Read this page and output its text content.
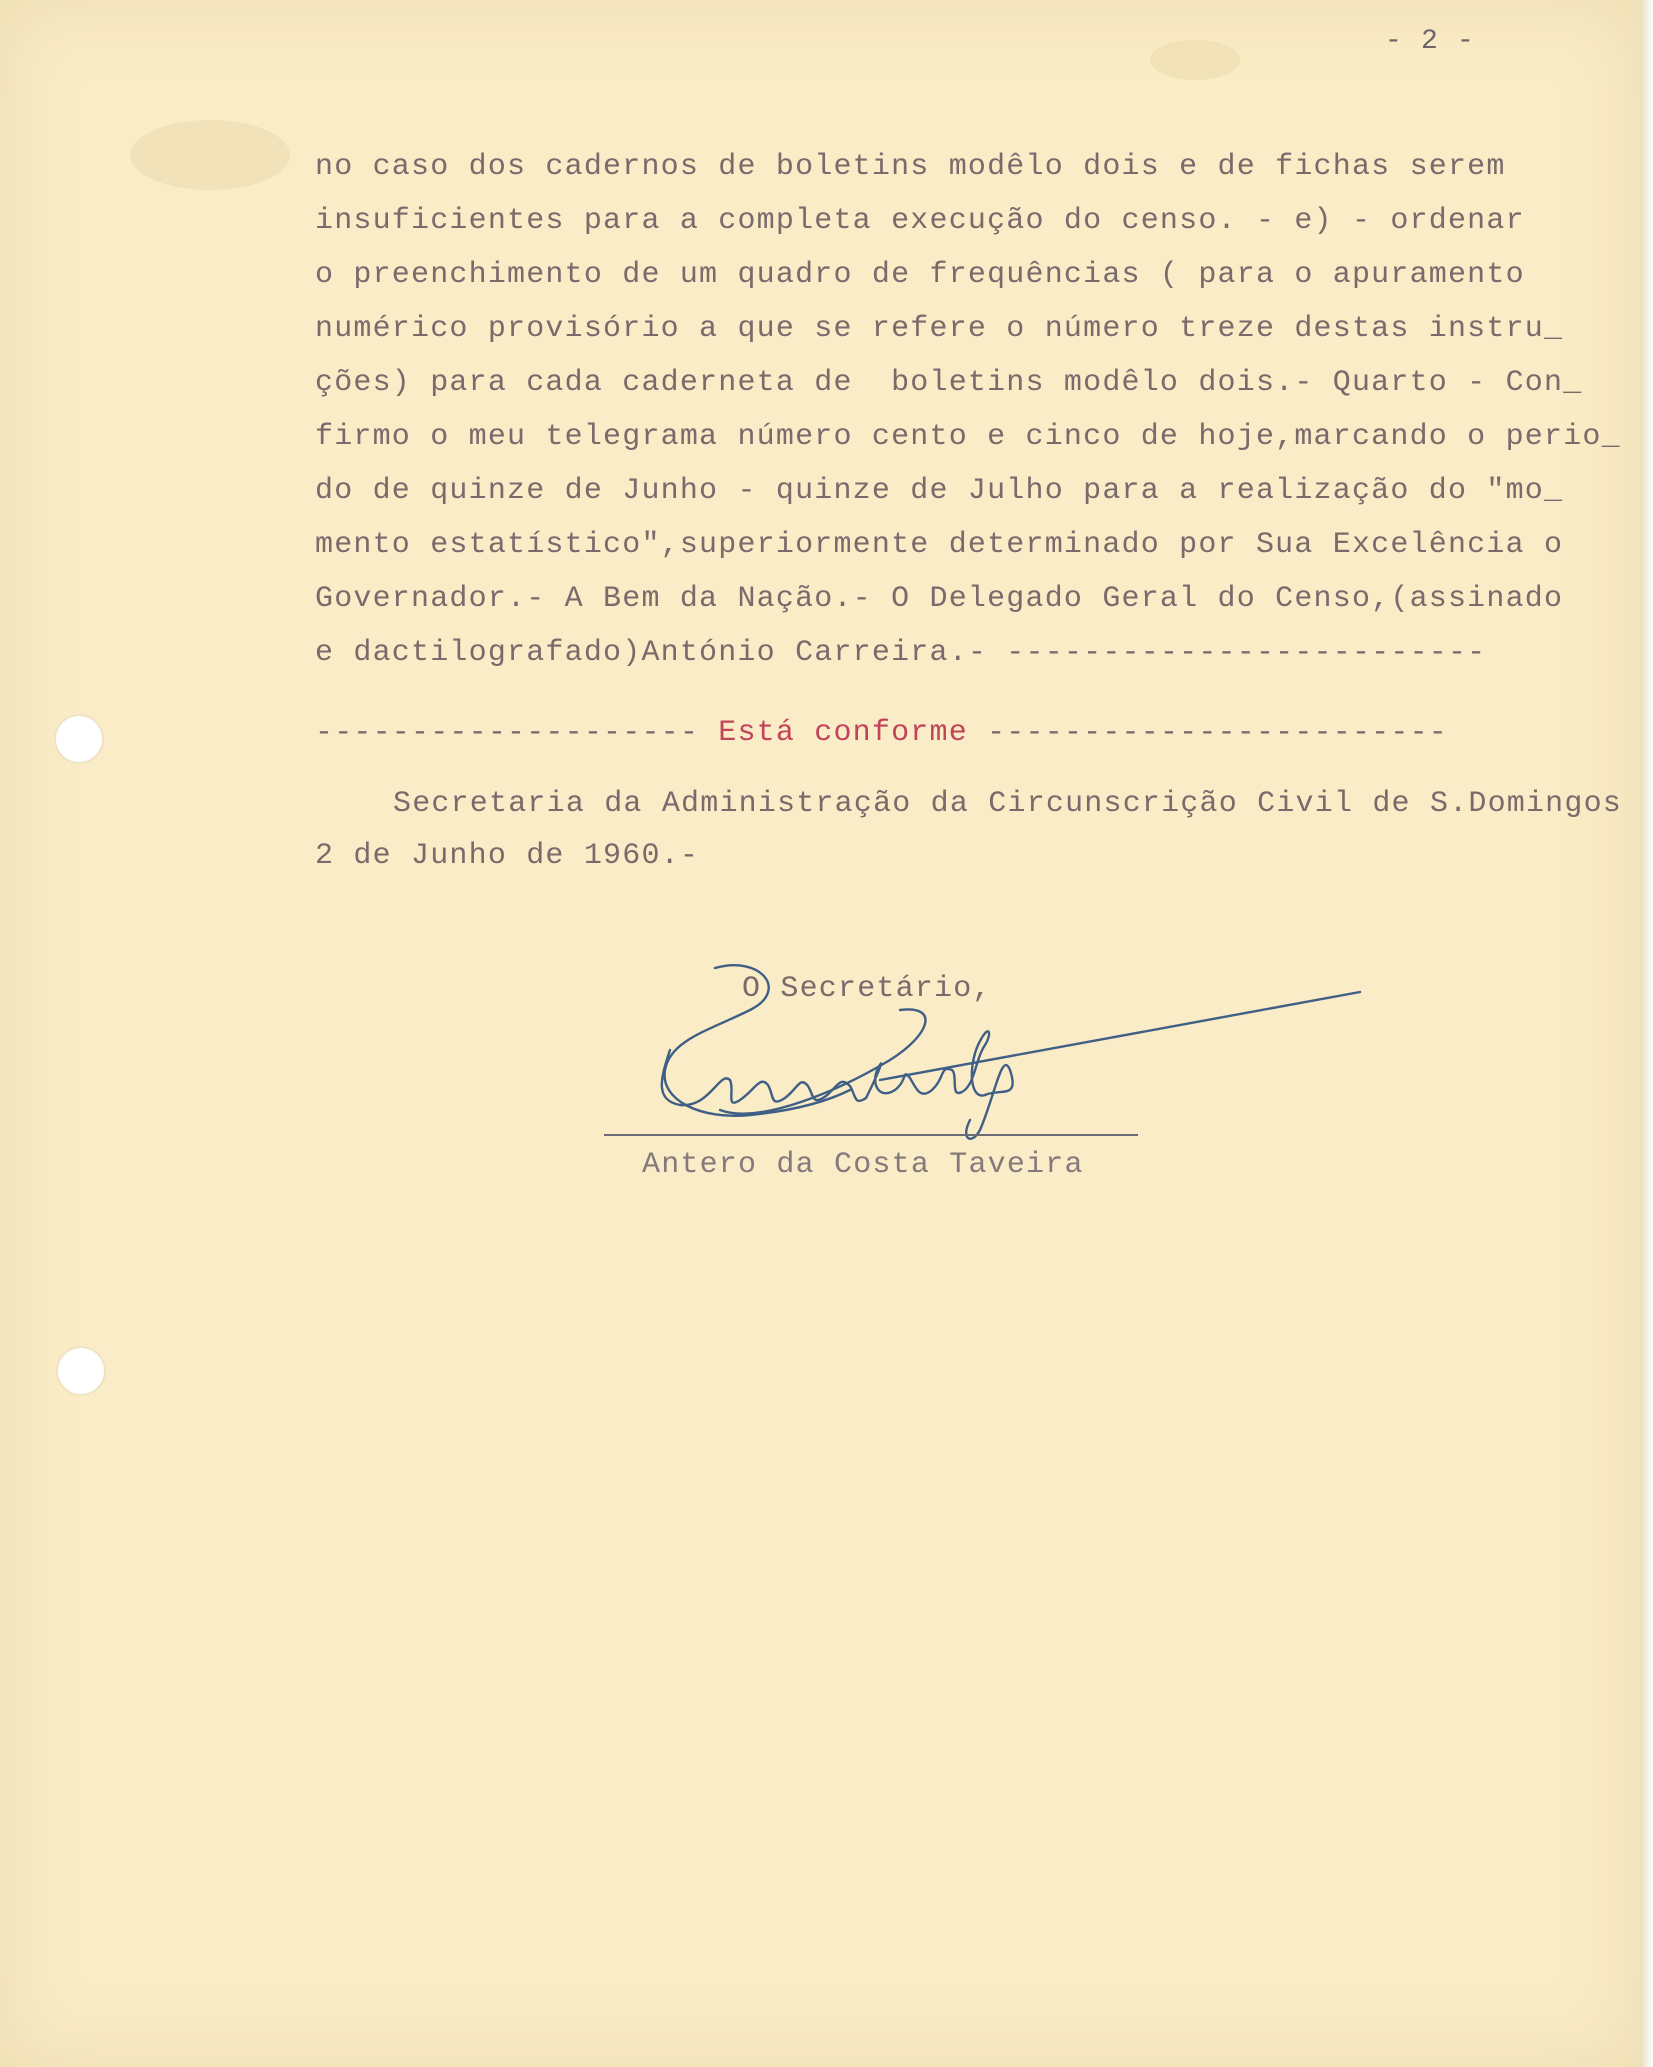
- 2 -
no caso dos cadernos de boletins modêlo dois e de fichas serem
insuficientes para a completa execução do censo. - e) - ordenar
o preenchimento de um quadro de frequências ( para o apuramento
numérico provisório a que se refere o número treze destas instru_
ções) para cada caderneta de  boletins modêlo dois.- Quarto - Con_
firmo o meu telegrama número cento e cinco de hoje,marcando o perio_
do de quinze de Junho - quinze de Julho para a realização do "mo_
mento estatístico",superiormente determinado por Sua Excelência o
Governador.- A Bem da Nação.- O Delegado Geral do Censo,(assinado
e dactilografado)António Carreira.- -------------------------
-------------------- Está conforme ------------------------
Secretaria da Administração da Circunscrição Civil de S.Domingos
2 de Junho de 1960.-
O Secretário,
Antero da Costa Taveira
